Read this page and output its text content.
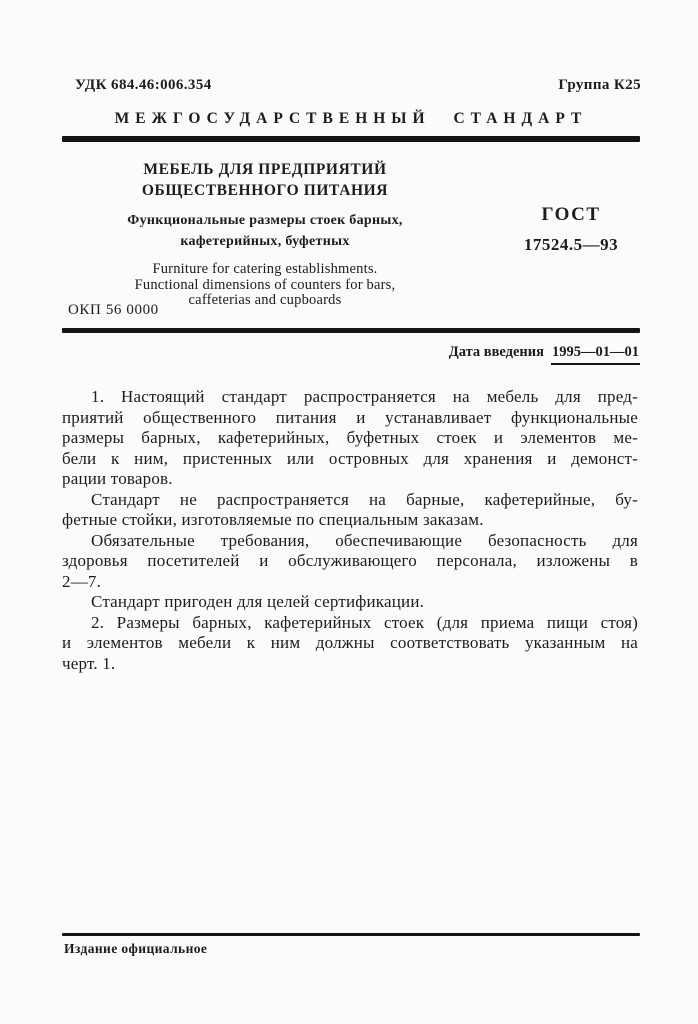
УДК 684.46:006.354	Группа К25
МЕЖГОСУДАРСТВЕННЫЙ СТАНДАРТ
МЕБЕЛЬ ДЛЯ ПРЕДПРИЯТИЙ
ОБЩЕСТВЕННОГО ПИТАНИЯ
Функциональные размеры стоек барных,
кафетерийных, буфетных
Furniture for catering establishments.
Functional dimensions of counters for bars,
caffeterias and cupboards
ГОСТ
17524.5—93
ОКП 56 0000
Дата введения 1995—01—01
1. Настоящий стандарт распространяется на мебель для пред-
приятий общественного питания и устанавливает функциональные
размеры барных, кафетерийных, буфетных стоек и элементов ме-
бели к ним, пристенных или островных для хранения и демонст-
рации товаров.
Стандарт не распространяется на барные, кафетерийные, бу-
фетные стойки, изготовляемые по специальным заказам.
Обязательные требования, обеспечивающие безопасность для
здоровья посетителей и обслуживающего персонала, изложены в
2—7.
Стандарт пригоден для целей сертификации.
2. Размеры барных, кафетерийных стоек (для приема пищи стоя)
и элементов мебели к ним должны соответствовать указанным на
черт. 1.
Издание официальное
